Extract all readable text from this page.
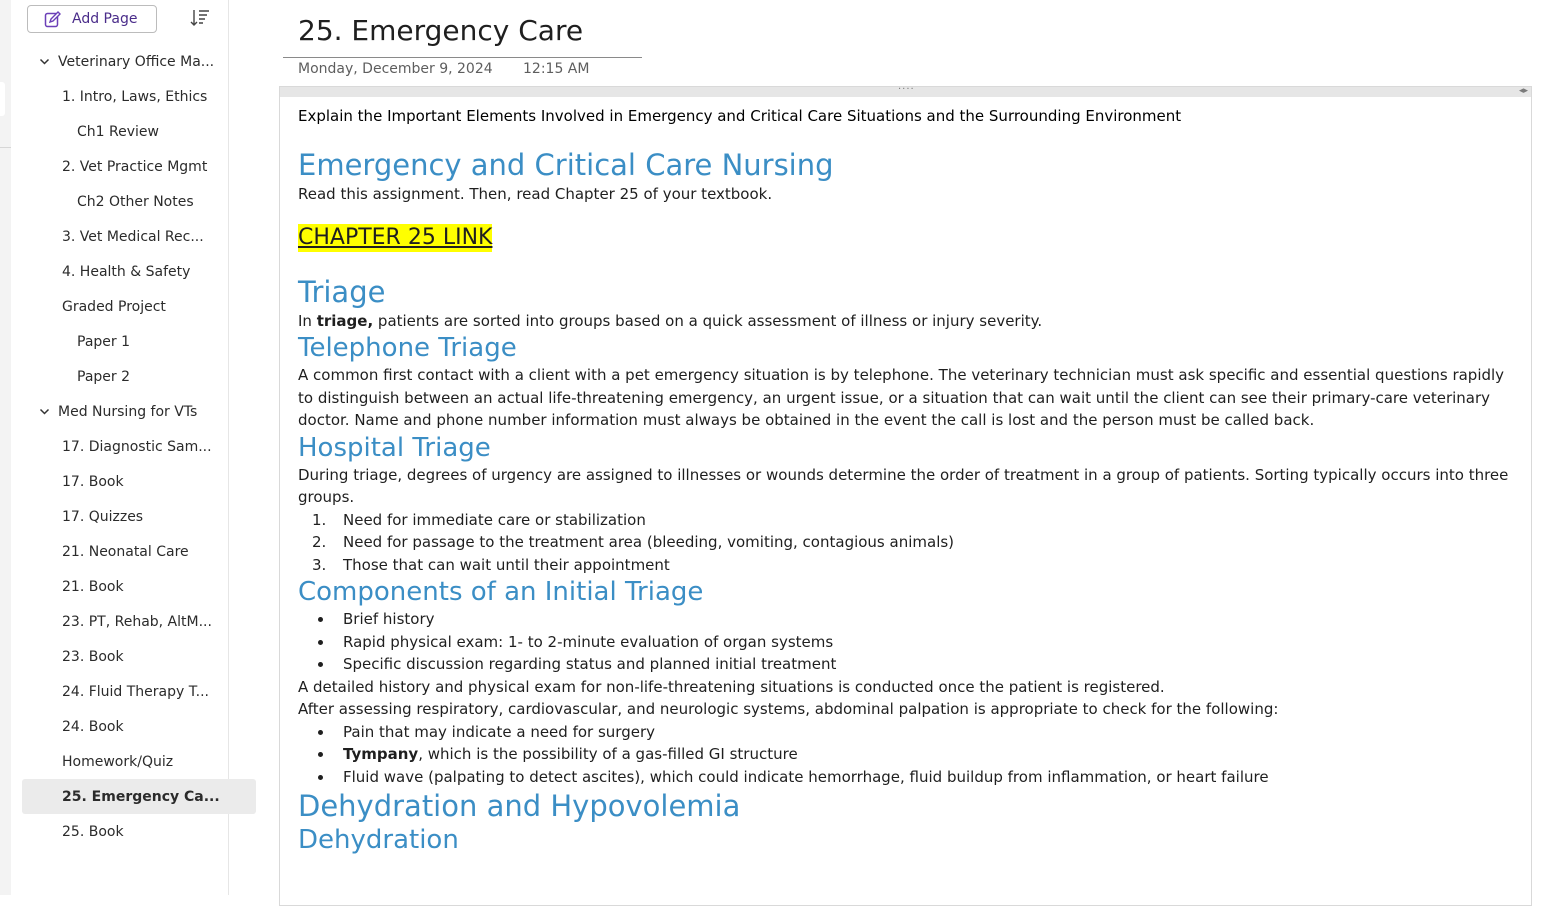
Add Page
Veterinary Office Ma...
1. Intro, Laws, Ethics
Ch1 Review
2. Vet Practice Mgmt
Ch2 Other Notes
3. Vet Medical Rec...
4. Health & Safety
Graded Project
Paper 1
Paper 2
Med Nursing for VTs
17. Diagnostic Sam...
17. Book
17. Quizzes
21. Neonatal Care
21. Book
23. PT, Rehab, AltM...
23. Book
24. Fluid Therapy T...
24. Book
Homework/Quiz
25. Emergency Ca...
25. Book
25. Emergency Care
Monday, December 9, 2024 12:15 AM
....	◂▸

Explain the Important Elements Involved in Emergency and Critical Care Situations and the Surrounding Environment

Emergency and Critical Care Nursing

Read this assignment. Then, read Chapter 25 of your textbook.

CHAPTER 25 LINK

Triage

In triage, patients are sorted into groups based on a quick assessment of illness or injury severity.

Telephone Triage

A common first contact with a client with a pet emergency situation is by telephone. The veterinary technician must ask specific and essential questions rapidly to distinguish between an actual life-threatening emergency, an urgent issue, or a situation that can wait until the client can see their primary-care veterinary doctor. Name and phone number information must always be obtained in the event the call is lost and the person must be called back.

Hospital Triage

During triage, degrees of urgency are assigned to illnesses or wounds determine the order of treatment in a group of patients. Sorting typically occurs into three groups.

1. Need for immediate care or stabilization
2. Need for passage to the treatment area (bleeding, vomiting, contagious animals)
3. Those that can wait until their appointment

Components of an Initial Triage

Brief history
Rapid physical exam: 1- to 2-minute evaluation of organ systems
Specific discussion regarding status and planned initial treatment

A detailed history and physical exam for non-life-threatening situations is conducted once the patient is registered.

After assessing respiratory, cardiovascular, and neurologic systems, abdominal palpation is appropriate to check for the following:

Pain that may indicate a need for surgery
Tympany, which is the possibility of a gas-filled GI structure
Fluid wave (palpating to detect ascites), which could indicate hemorrhage, fluid buildup from inflammation, or heart failure

Dehydration and Hypovolemia

Dehydration
